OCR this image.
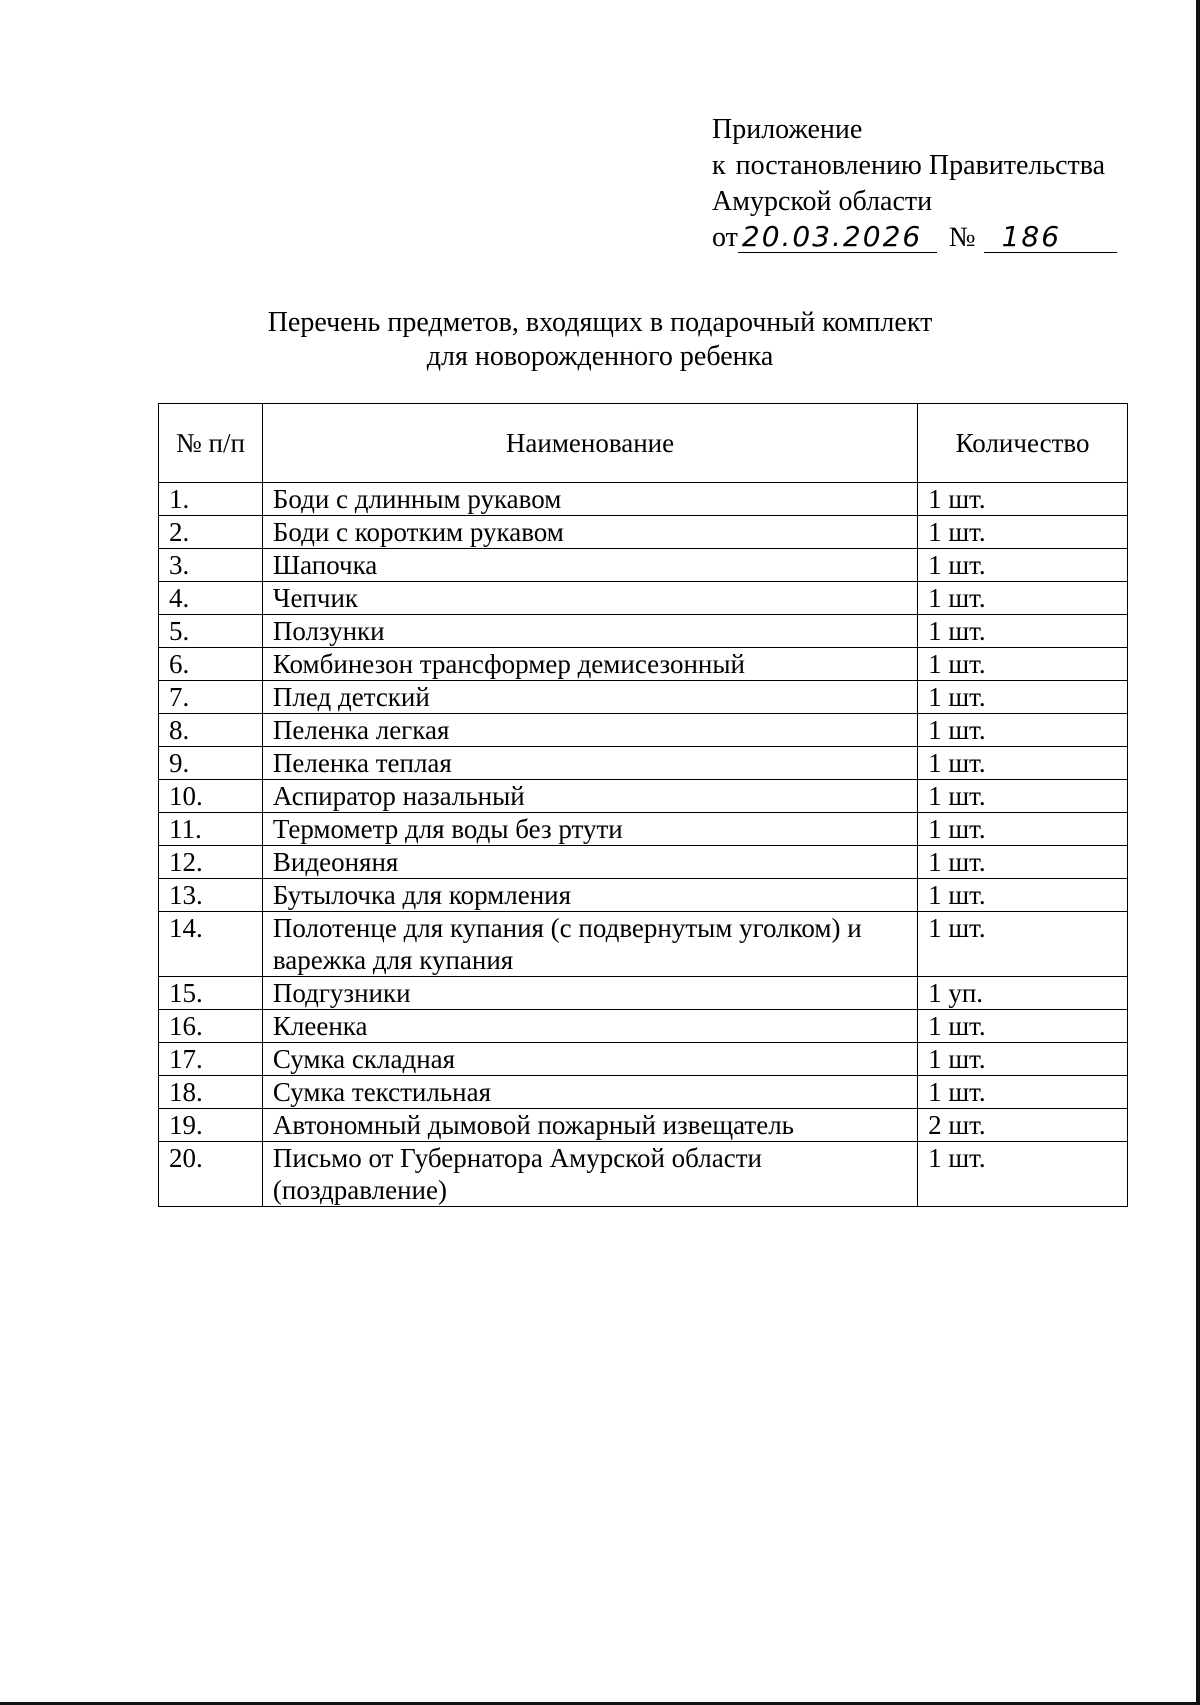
Приложение
к постановлению Правительства
Амурской области
от 20.03.2026 № 186
Перечень предметов, входящих в подарочный комплект
для новорожденного ребенка
№ п/п	Наименование	Количество
1.	Боди с длинным рукавом	1 шт.
2.	Боди с коротким рукавом	1 шт.
3.	Шапочка	1 шт.
4.	Чепчик	1 шт.
5.	Ползунки	1 шт.
6.	Комбинезон трансформер демисезонный	1 шт.
7.	Плед детский	1 шт.
8.	Пеленка легкая	1 шт.
9.	Пеленка теплая	1 шт.
10.	Аспиратор назальный	1 шт.
11.	Термометр для воды без ртути	1 шт.
12.	Видеоняня	1 шт.
13.	Бутылочка для кормления	1 шт.
14.	Полотенце для купания (с подвернутым уголком) и варежка для купания	1 шт.
15.	Подгузники	1 уп.
16.	Клеенка	1 шт.
17.	Сумка складная	1 шт.
18.	Сумка текстильная	1 шт.
19.	Автономный дымовой пожарный извещатель	2 шт.
20.	Письмо от Губернатора Амурской области (поздравление)	1 шт.
